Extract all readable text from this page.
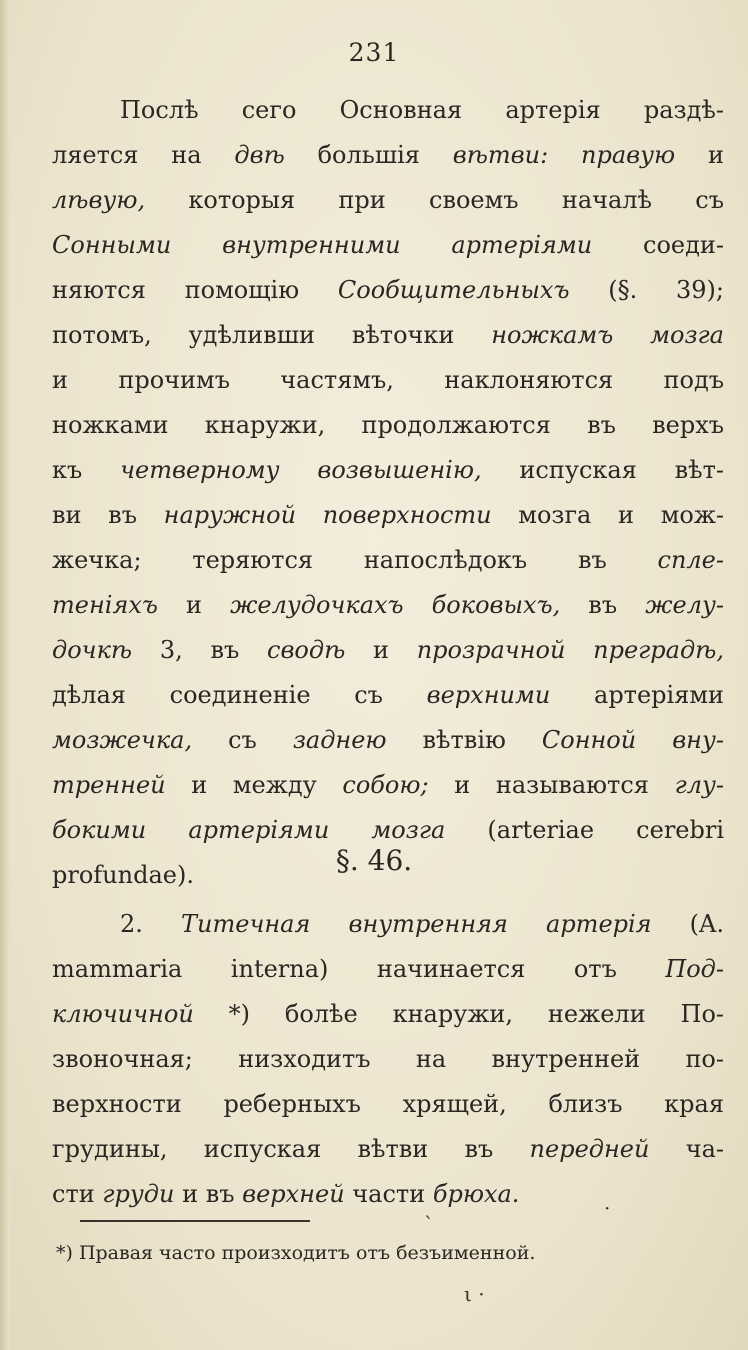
231
Послѣ сего Основная артерія раздѣ-
ляется на двѣ большія вѣтви: правую и
лѣвую, которыя при своемъ началѣ съ
Сонными внутренними артеріями соеди-
няются помощію Сообщительныхъ (§. 39);
потомъ, удѣливши вѣточки ножкамъ мозга
и прочимъ частямъ, наклоняются подъ
ножками кнаружи, продолжаются въ верхъ
къ четверному возвышенію, испуская вѣт-
ви въ наружной поверхности мозга и мож-
жечка; теряются напослѣдокъ въ спле-
теніяхъ и желудочкахъ боковыхъ, въ желу-
дочкѣ 3, въ сводѣ и прозрачной преградѣ,
дѣлая соединеніе съ верхними артеріями
мозжечка, съ заднею вѣтвію Сонной вну-
тренней и между собою; и называются глу-
бокими артеріями мозга (arteriae cerebri
profundae).	§. 46.
2. Титечная внутренняя артерія (A.
mammaria interna) начинается отъ Под-
ключичной *) болѣе кнаружи, нежели По-
звоночная; низходитъ на внутренней по-
верхности реберныхъ хрящей, близъ края
грудины, испуская вѣтви въ передней ча-
сти груди и въ верхней части брюха.
*) Правая часто произходитъ отъ безъименной.
`
·
ι ·
